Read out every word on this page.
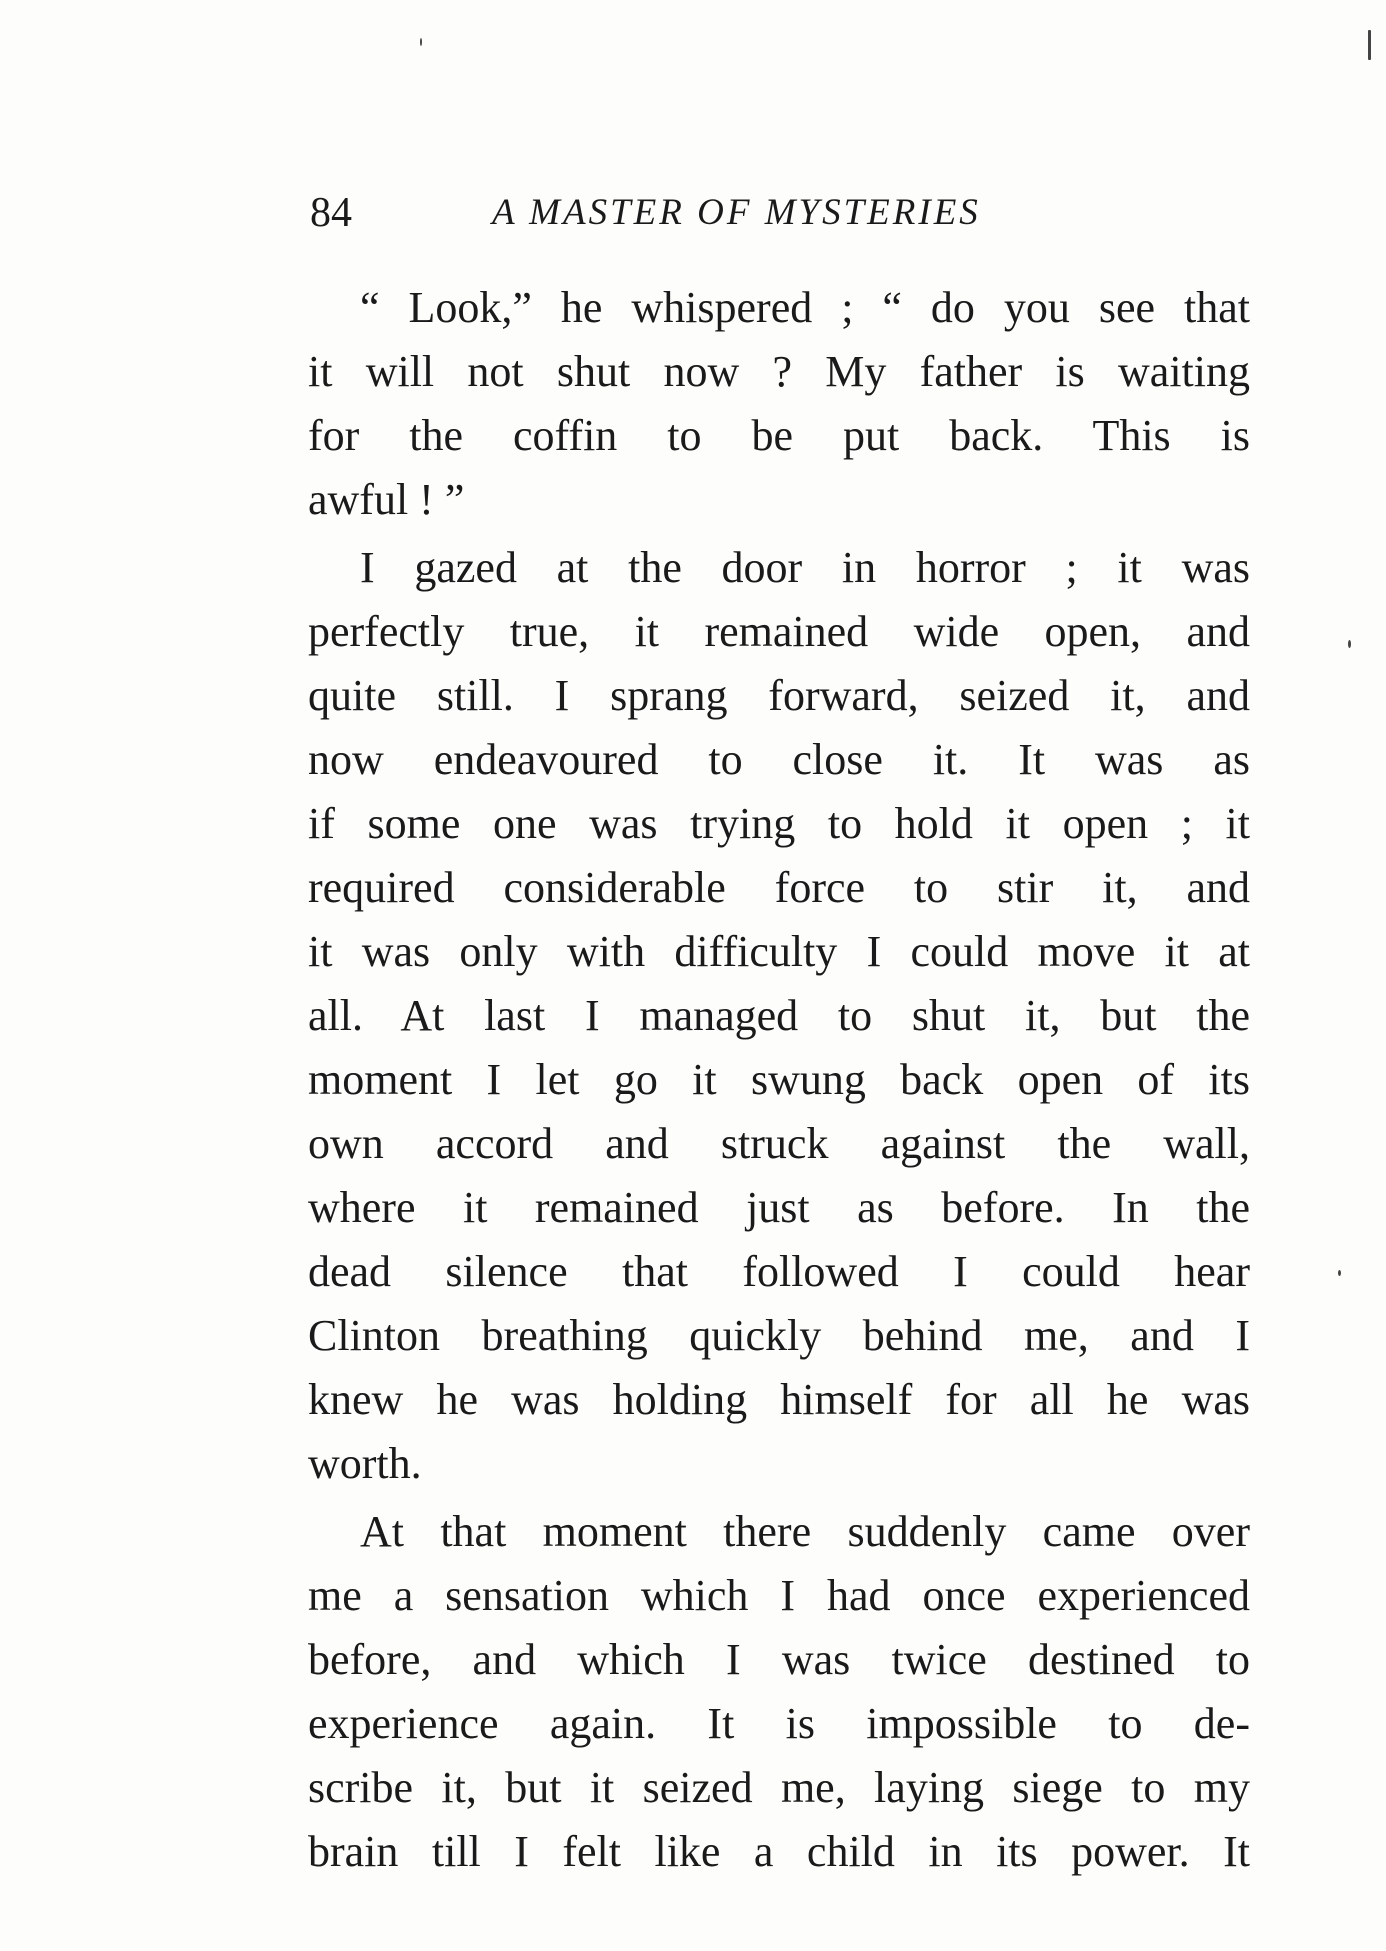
84	A MASTER OF MYSTERIES
“ Look,” he whispered ; “ do you see that
it will not shut now ? My father is waiting
for the coffin to be put back. This is
awful ! ”
I gazed at the door in horror ; it was
perfectly true, it remained wide open, and
quite still. I sprang forward, seized it, and
now endeavoured to close it. It was as
if some one was trying to hold it open ; it
required considerable force to stir it, and
it was only with difficulty I could move it at
all. At last I managed to shut it, but the
moment I let go it swung back open of its
own accord and struck against the wall,
where it remained just as before. In the
dead silence that followed I could hear
Clinton breathing quickly behind me, and I
knew he was holding himself for all he was
worth.
At that moment there suddenly came over
me a sensation which I had once experienced
before, and which I was twice destined to
experience again. It is impossible to de-
scribe it, but it seized me, laying siege to my
brain till I felt like a child in its power. It
